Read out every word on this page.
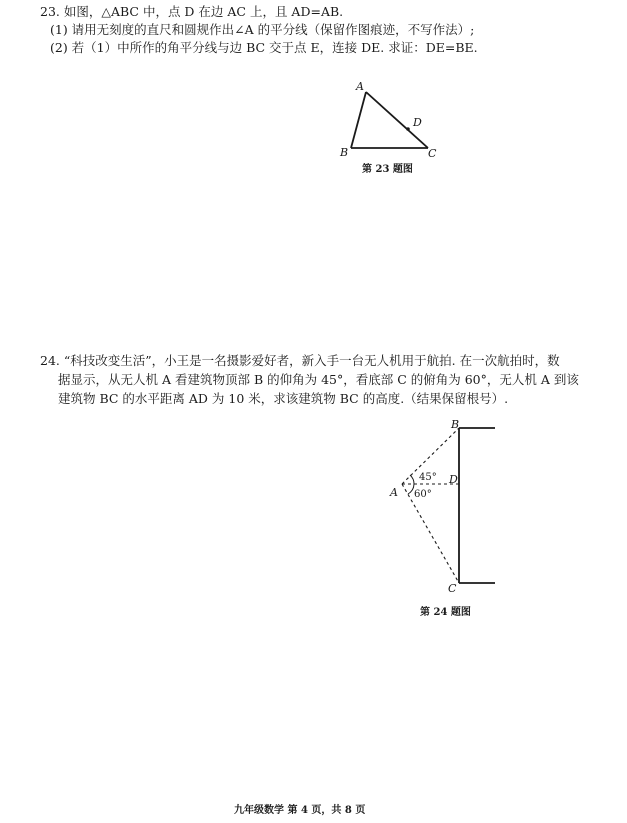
23. 如图，△ABC 中，点 D 在边 AC 上，且 AD=AB.
(1) 请用无刻度的直尺和圆规作出∠A 的平分线（保留作图痕迹，不写作法）;
(2) 若（1）中所作的角平分线与边 BC 交于点 E，连接 DE. 求证：DE=BE.
A
B	C
D
第 23 题图
24. “科技改变生活”，小王是一名摄影爱好者，新入手一台无人机用于航拍. 在一次航拍时，数
据显示，从无人机 A 看建筑物顶部 B 的仰角为 45°，看底部 C 的俯角为 60°，无人机 A 到该
建筑物 BC 的水平距离 AD 为 10 米，求该建筑物 BC 的高度.（结果保留根号）.
B
A
D
C
45°
60°
第 24 题图
九年级数学 第 4 页，共 8 页
